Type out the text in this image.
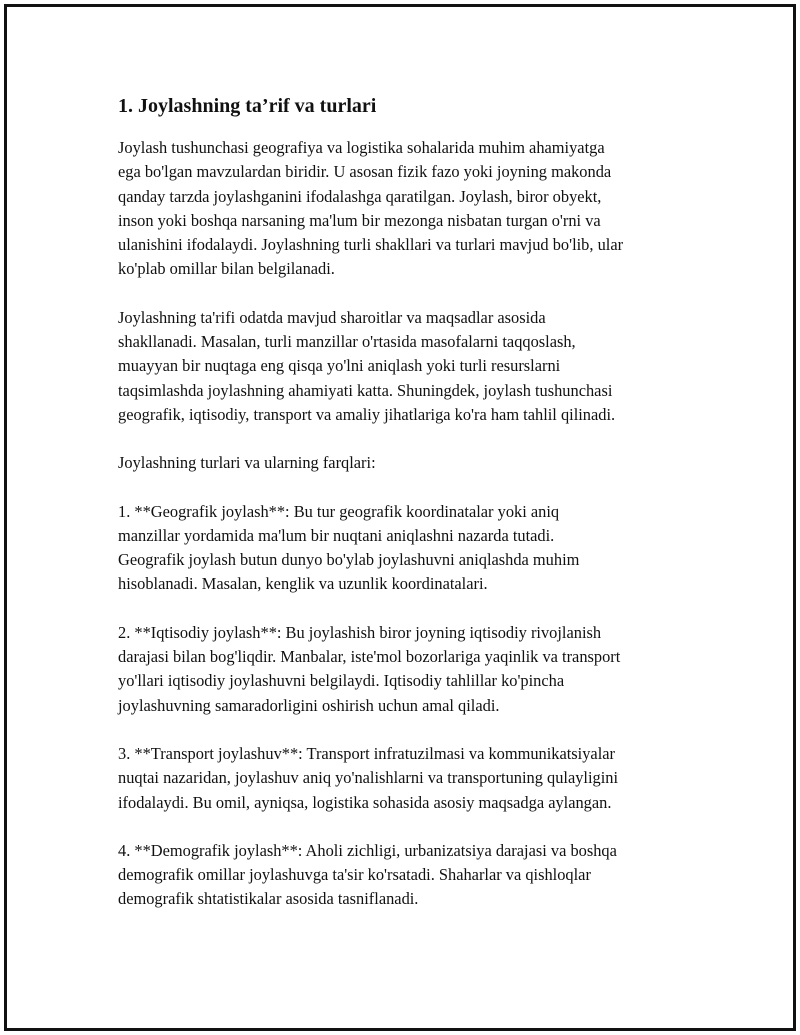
1. Joylashning ta’rif va turlari

Joylash tushunchasi geografiya va logistika sohalarida muhim ahamiyatga
ega bo'lgan mavzulardan biridir. U asosan fizik fazo yoki joyning makonda
qanday tarzda joylashganini ifodalashga qaratilgan. Joylash, biror obyekt,
inson yoki boshqa narsaning ma'lum bir mezonga nisbatan turgan o'rni va
ulanishini ifodalaydi. Joylashning turli shakllari va turlari mavjud bo'lib, ular
ko'plab omillar bilan belgilanadi.

Joylashning ta'rifi odatda mavjud sharoitlar va maqsadlar asosida
shakllanadi. Masalan, turli manzillar o'rtasida masofalarni taqqoslash,
muayyan bir nuqtaga eng qisqa yo'lni aniqlash yoki turli resurslarni
taqsimlashda joylashning ahamiyati katta. Shuningdek, joylash tushunchasi
geografik, iqtisodiy, transport va amaliy jihatlariga ko'ra ham tahlil qilinadi.

Joylashning turlari va ularning farqlari:

1. **Geografik joylash**: Bu tur geografik koordinatalar yoki aniq
manzillar yordamida ma'lum bir nuqtani aniqlashni nazarda tutadi.
Geografik joylash butun dunyo bo'ylab joylashuvni aniqlashda muhim
hisoblanadi. Masalan, kenglik va uzunlik koordinatalari.

2. **Iqtisodiy joylash**: Bu joylashish biror joyning iqtisodiy rivojlanish
darajasi bilan bog'liqdir. Manbalar, iste'mol bozorlariga yaqinlik va transport
yo'llari iqtisodiy joylashuvni belgilaydi. Iqtisodiy tahlillar ko'pincha
joylashuvning samaradorligini oshirish uchun amal qiladi.

3. **Transport joylashuv**: Transport infratuzilmasi va kommunikatsiyalar
nuqtai nazaridan, joylashuv aniq yo'nalishlarni va transportuning qulayligini
ifodalaydi. Bu omil, ayniqsa, logistika sohasida asosiy maqsadga aylangan.

4. **Demografik joylash**: Aholi zichligi, urbanizatsiya darajasi va boshqa
demografik omillar joylashuvga ta'sir ko'rsatadi. Shaharlar va qishloqlar
demografik shtatistikalar asosida tasniflanadi.
